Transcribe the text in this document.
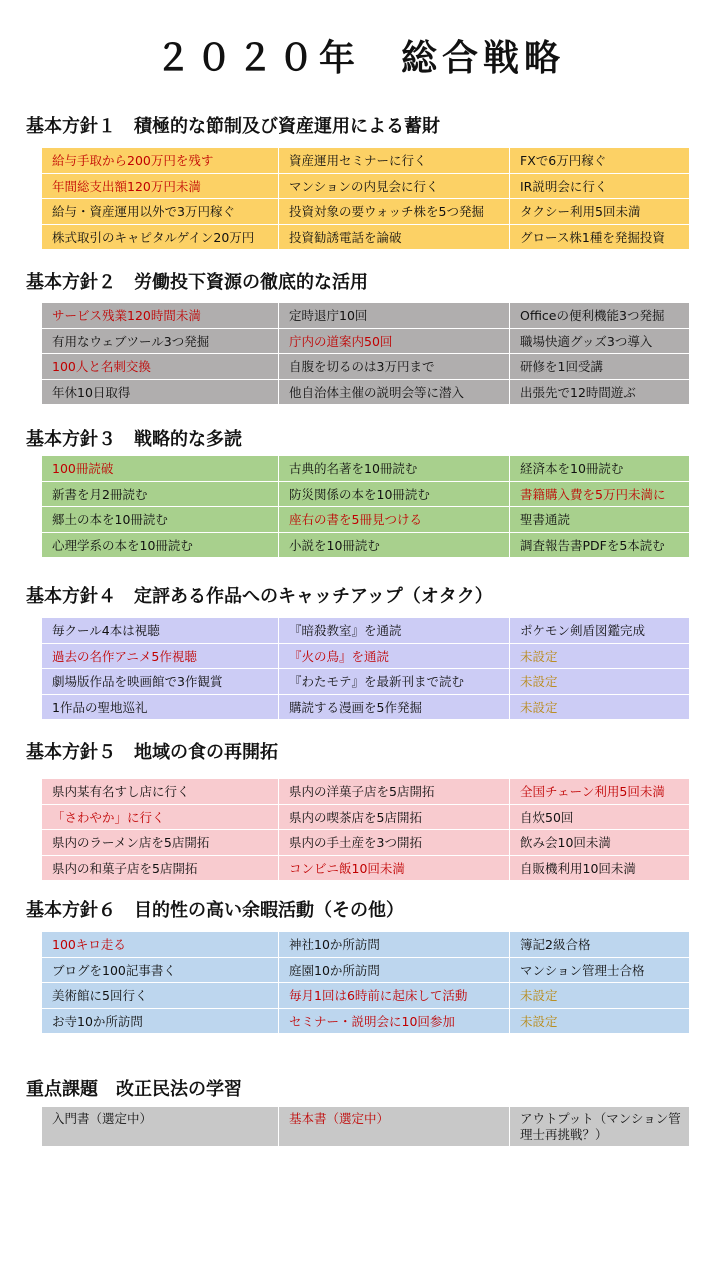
２０２０年　総合戦略
基本方針１　積極的な節制及び資産運用による蓄財
給与手取から200万円を残す	資産運用セミナーに行く	FXで6万円稼ぐ
年間総支出額120万円未満	マンションの内見会に行く	IR説明会に行く
給与・資産運用以外で3万円稼ぐ	投資対象の要ウォッチ株を5つ発掘	タクシー利用5回未満
株式取引のキャピタルゲイン20万円	投資勧誘電話を論破	グロース株1種を発掘投資
基本方針２　労働投下資源の徹底的な活用
サービス残業120時間未満	定時退庁10回	Officeの便利機能3つ発掘
有用なウェブツール3つ発掘	庁内の道案内50回	職場快適グッズ3つ導入
100人と名刺交換	自腹を切るのは3万円まで	研修を1回受講
年休10日取得	他自治体主催の説明会等に潜入	出張先で12時間遊ぶ
基本方針３　戦略的な多読
100冊読破	古典的名著を10冊読む	経済本を10冊読む
新書を月2冊読む	防災関係の本を10冊読む	書籍購入費を5万円未満に
郷土の本を10冊読む	座右の書を5冊見つける	聖書通読
心理学系の本を10冊読む	小説を10冊読む	調査報告書PDFを5本読む
基本方針４　定評ある作品へのキャッチアップ（オタク）
毎クール4本は視聴	『暗殺教室』を通読	ポケモン剣盾図鑑完成
過去の名作アニメ5作視聴	『火の鳥』を通読	未設定
劇場版作品を映画館で3作観賞	『わたモテ』を最新刊まで読む	未設定
1作品の聖地巡礼	購読する漫画を5作発掘	未設定
基本方針５　地域の食の再開拓
県内某有名すし店に行く	県内の洋菓子店を5店開拓	全国チェーン利用5回未満
「さわやか」に行く	県内の喫茶店を5店開拓	自炊50回
県内のラーメン店を5店開拓	県内の手土産を3つ開拓	飲み会10回未満
県内の和菓子店を5店開拓	コンビニ飯10回未満	自販機利用10回未満
基本方針６　目的性の高い余暇活動（その他）
100キロ走る	神社10か所訪問	簿記2級合格
ブログを100記事書く	庭園10か所訪問	マンション管理士合格
美術館に5回行く	毎月1回は6時前に起床して活動	未設定
お寺10か所訪問	セミナー・説明会に10回参加	未設定
重点課題　改正民法の学習
入門書（選定中）	基本書（選定中）	アウトプット（マンション管理士再挑戦？）
